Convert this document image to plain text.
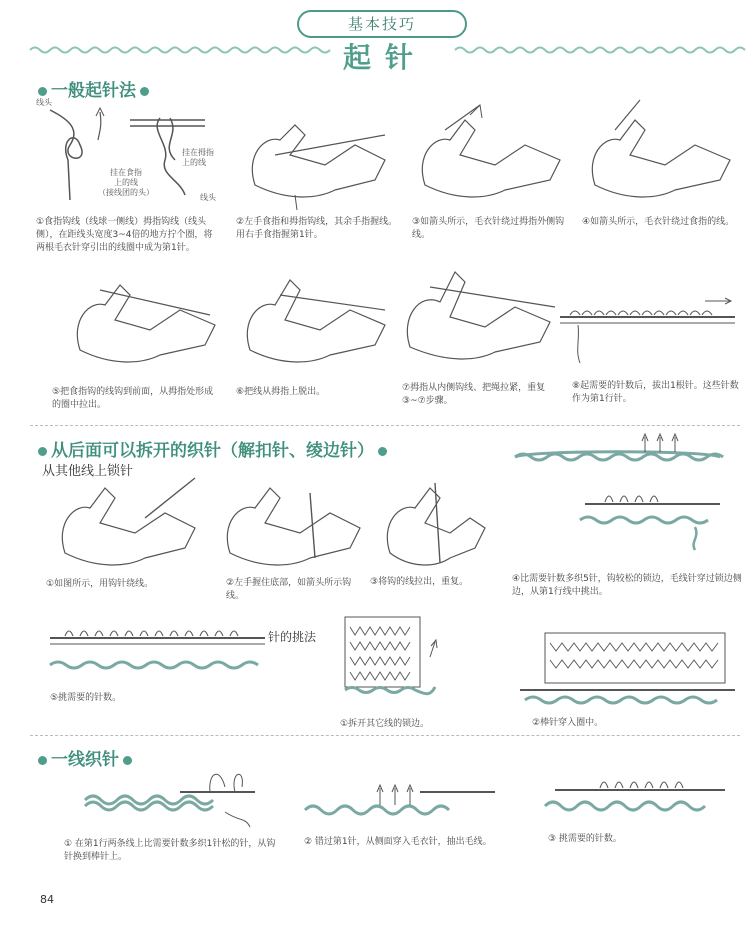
基本技巧
起针
一般起针法
线头
挂在拇指
上的线
挂在食指
上的线
（接线团的头）
线头
①食指钩线（线球一侧线）拇指钩线（线头侧），在距线头宽度3~4倍的地方拧个圈，将两根毛衣针穿引出的线圈中成为第1针。
②左手食指和拇指钩线，其余手指握线。用右手食指握第1针。
③如箭头所示，毛衣针绕过拇指外侧钩线。
④如箭头所示，毛衣针绕过食指的线。
⑤把食指钩的线钩到前面，从拇指处形成的圈中拉出。
⑥把线从拇指上脱出。	⑦拇指从内侧钩线、把绳拉紧，重复③~⑦步骤。
⑧起需要的针数后，拔出1根针。这些针数作为第1行针。
从后面可以拆开的织针（解扣针、绫边针）
从其他线上锁针
①如图所示，用钩针绕线。	②左手握住底部，如箭头所示钩线。
③将钩的线拉出，重复。	④比需要针数多织5针，钩较松的锁边，毛线针穿过锁边侧边，从第1行线中挑出。
针的挑法
⑤挑需要的针数。
①拆开其它线的锁边。	②棒针穿入圈中。
一线织针
① 在第1行两条线上比需要针数多织1针松的针，从钩针换到棒针上。
② 错过第1针，从侧面穿入毛衣针，抽出毛线。	③ 挑需要的针数。
84
